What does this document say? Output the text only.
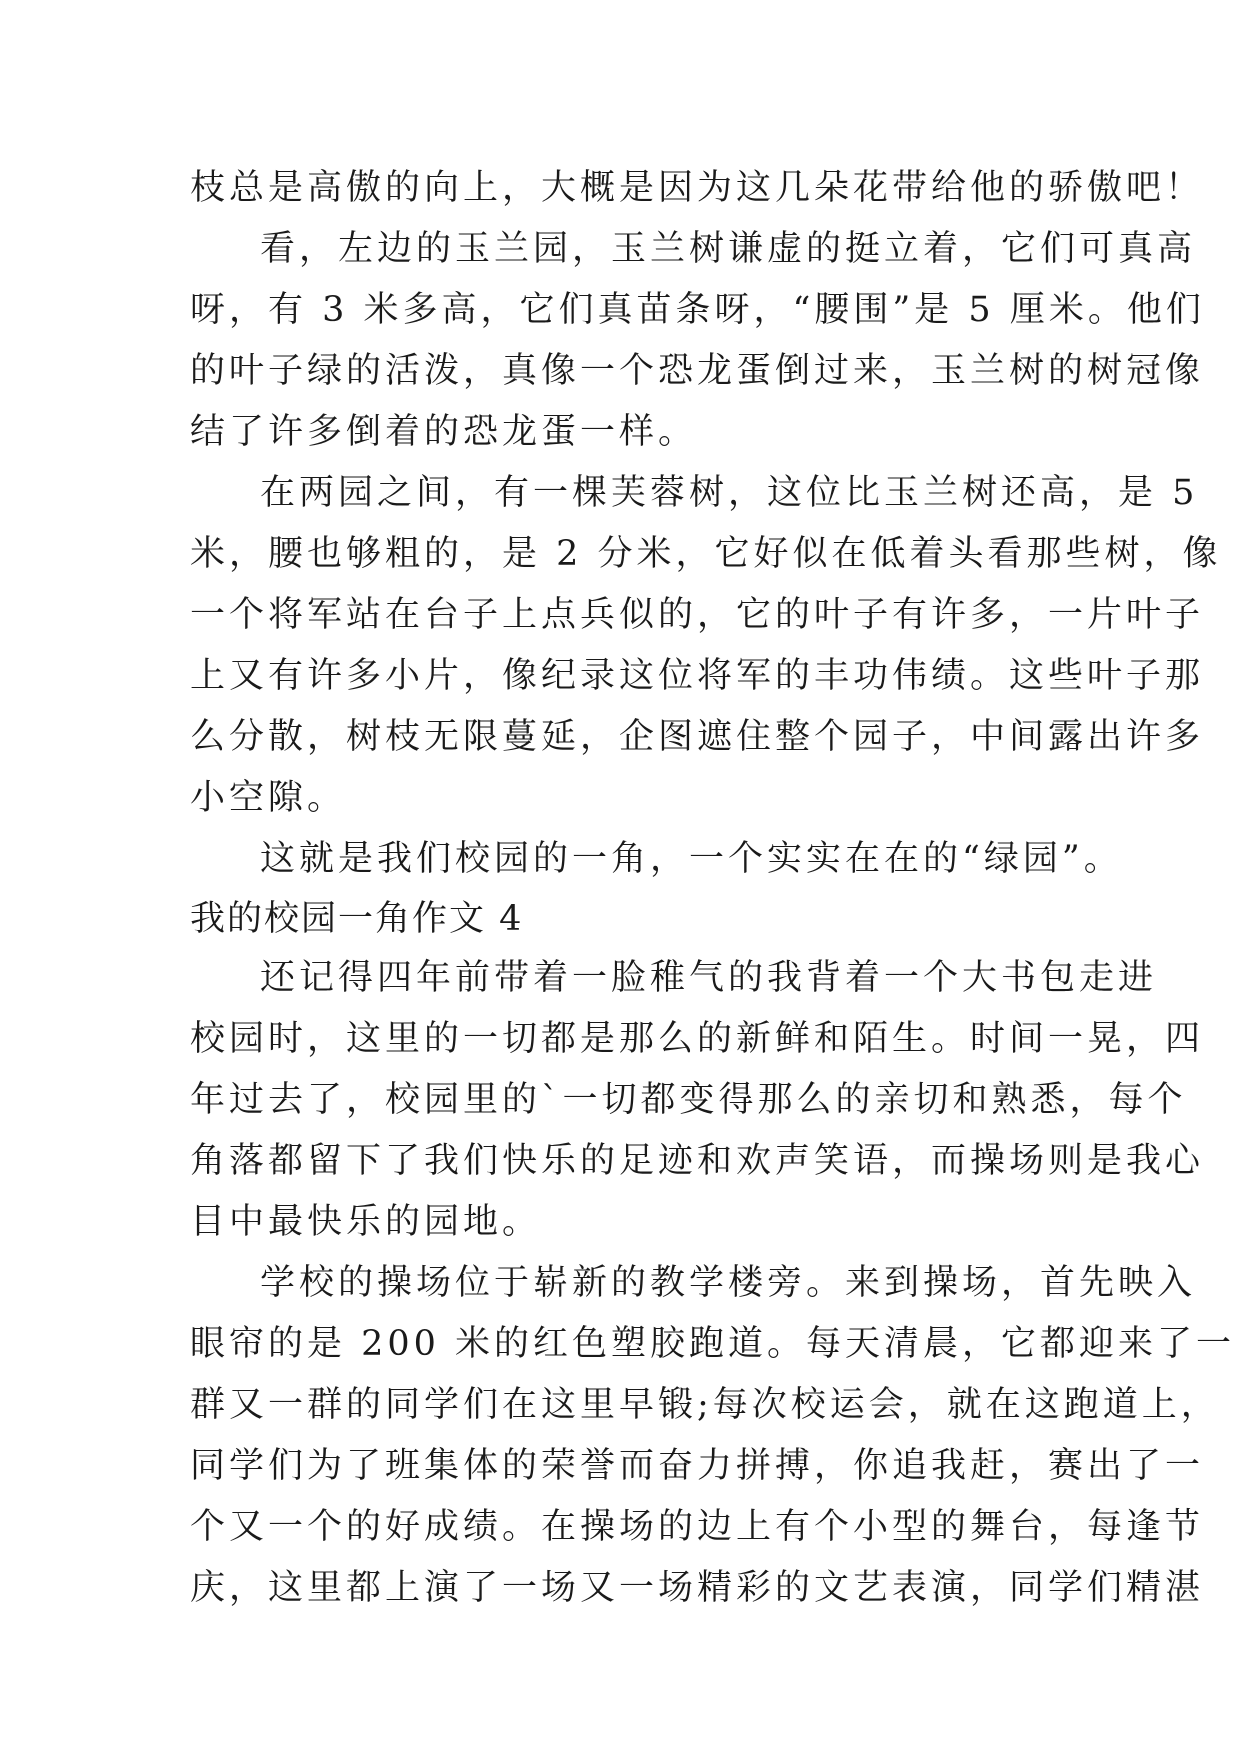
枝总是高傲的向上，大概是因为这几朵花带给他的骄傲吧！
看，左边的玉兰园，玉兰树谦虚的挺立着，它们可真高
呀，有 3 米多高，它们真苗条呀，“腰围”是 5 厘米。他们
的叶子绿的活泼，真像一个恐龙蛋倒过来，玉兰树的树冠像
结了许多倒着的恐龙蛋一样。
在两园之间，有一棵芙蓉树，这位比玉兰树还高，是 5
米，腰也够粗的，是 2 分米，它好似在低着头看那些树，像
一个将军站在台子上点兵似的，它的叶子有许多，一片叶子
上又有许多小片，像纪录这位将军的丰功伟绩。这些叶子那
么分散，树枝无限蔓延，企图遮住整个园子，中间露出许多
小空隙。
这就是我们校园的一角，一个实实在在的“绿园”。
我的校园一角作文 4
还记得四年前带着一脸稚气的我背着一个大书包走进
校园时，这里的一切都是那么的新鲜和陌生。时间一晃，四
年过去了，校园里的`一切都变得那么的亲切和熟悉，每个
角落都留下了我们快乐的足迹和欢声笑语，而操场则是我心
目中最快乐的园地。
学校的操场位于崭新的教学楼旁。来到操场，首先映入
眼帘的是 200 米的红色塑胶跑道。每天清晨，它都迎来了一
群又一群的同学们在这里早锻;每次校运会，就在这跑道上，
同学们为了班集体的荣誉而奋力拼搏，你追我赶，赛出了一
个又一个的好成绩。在操场的边上有个小型的舞台，每逢节
庆，这里都上演了一场又一场精彩的文艺表演，同学们精湛
